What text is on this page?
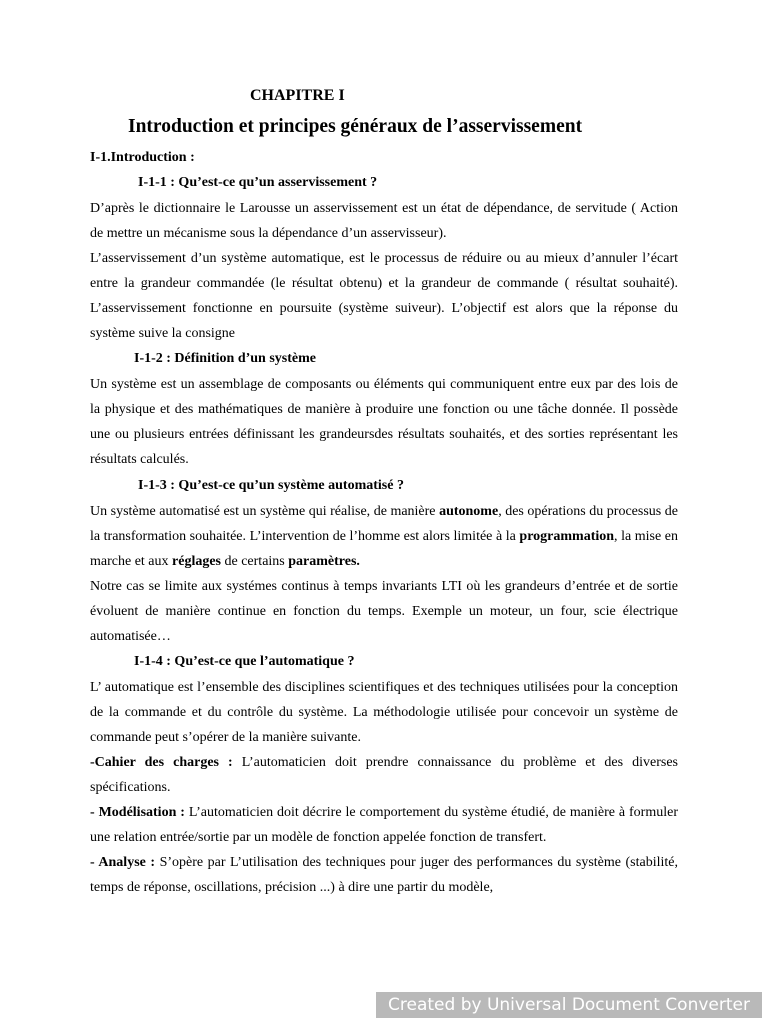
CHAPITRE I
Introduction et principes généraux de l’asservissement
I-1.Introduction :
I-1-1 : Qu’est-ce qu’un asservissement ?
D’après le dictionnaire le Larousse un asservissement est un état de dépendance, de servitude ( Action de mettre un mécanisme sous la dépendance d’un asservisseur).
L’asservissement d’un système automatique, est le processus de réduire ou au mieux d’annuler l’écart entre la grandeur commandée (le résultat obtenu) et la grandeur de commande ( résultat souhaité). L’asservissement fonctionne en poursuite (système suiveur). L’objectif est alors que la réponse du système suive la consigne
I-1-2 : Définition d’un système
Un système est un assemblage de composants ou éléments qui communiquent entre eux par des lois de la physique et des mathématiques de manière à produire une fonction ou une tâche donnée. Il possède une ou plusieurs entrées définissant les grandeursdes résultats souhaités, et des sorties représentant les résultats calculés.
I-1-3 : Qu’est-ce qu’un système automatisé ?
Un système automatisé est un système qui réalise, de manière autonome, des opérations du processus de la transformation souhaitée. L’intervention de l’homme est alors limitée à la programmation, la mise en marche et aux réglages de certains paramètres.
Notre cas se limite aux systémes continus à temps invariants LTI où les grandeurs d’entrée et de sortie évoluent de manière continue en fonction du temps. Exemple un moteur, un four, scie électrique automatisée…
I-1-4 : Qu’est-ce que l’automatique ?
L’ automatique est l’ensemble des disciplines scientifiques et des techniques utilisées pour la conception de la commande et du contrôle du système. La méthodologie utilisée pour concevoir un système de commande peut s’opérer de la manière suivante.
-Cahier des charges : L’automaticien doit prendre connaissance du problème et des diverses spécifications.
- Modélisation : L’automaticien doit décrire le comportement du système étudié, de manière à formuler une relation entrée/sortie par un modèle de fonction appelée fonction de transfert.
- Analyse : S’opère par L’utilisation des techniques pour juger des performances du système (stabilité, temps de réponse, oscillations, précision ...) à dire une partir du modèle,
Created by Universal Document Converter
